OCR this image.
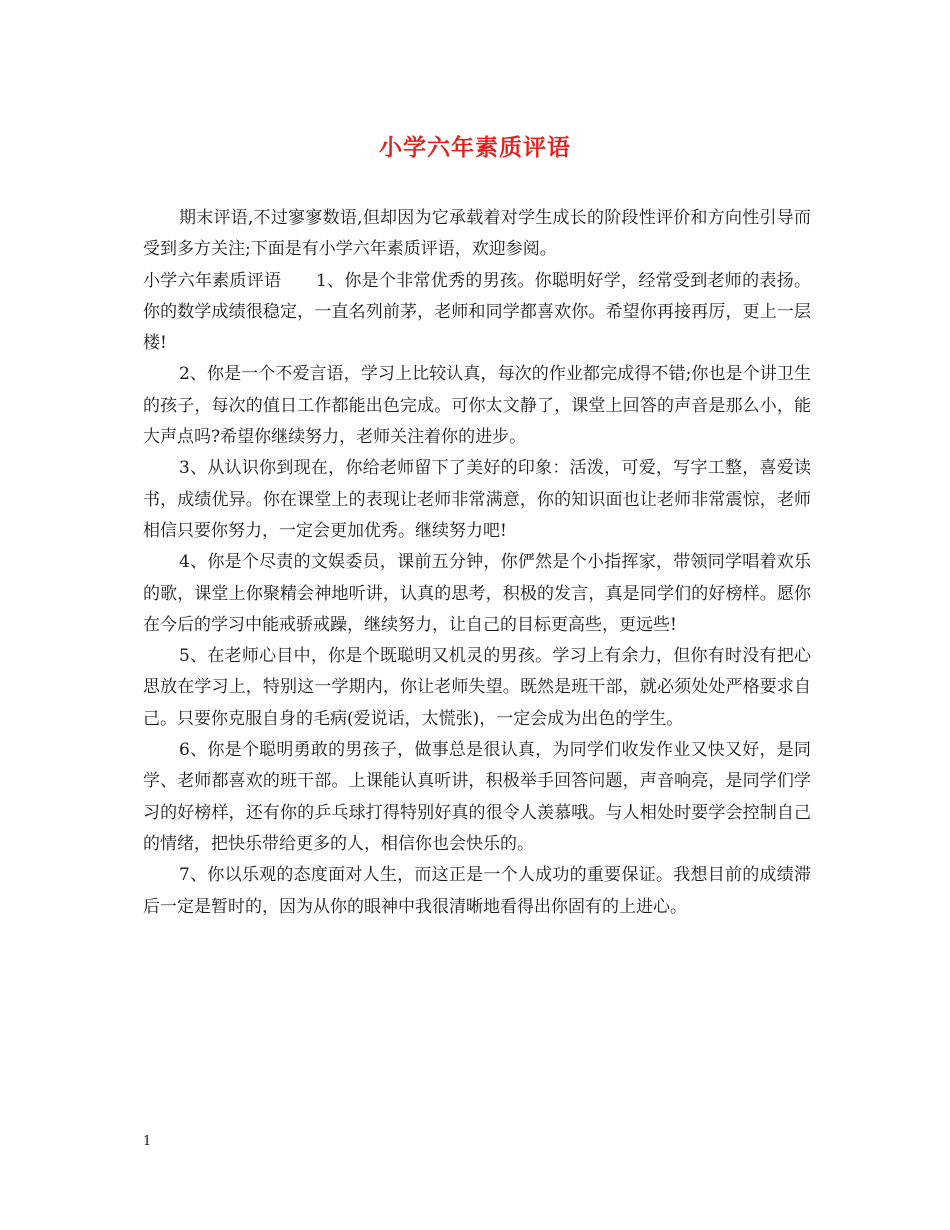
小学六年素质评语

期末评语,不过寥寥数语,但却因为它承载着对学生成长的阶段性评价和方向性引导而受到多方关注;下面是有小学六年素质评语，欢迎参阅。

小学六年素质评语　　1、你是个非常优秀的男孩。你聪明好学，经常受到老师的表扬。你的数学成绩很稳定，一直名列前茅，老师和同学都喜欢你。希望你再接再厉，更上一层楼!

2、你是一个不爱言语，学习上比较认真，每次的作业都完成得不错;你也是个讲卫生的孩子，每次的值日工作都能出色完成。可你太文静了，课堂上回答的声音是那么小，能大声点吗?希望你继续努力，老师关注着你的进步。

3、从认识你到现在，你给老师留下了美好的印象：活泼，可爱，写字工整，喜爱读书，成绩优异。你在课堂上的表现让老师非常满意，你的知识面也让老师非常震惊，老师相信只要你努力，一定会更加优秀。继续努力吧!

4、你是个尽责的文娱委员，课前五分钟，你俨然是个小指挥家，带领同学唱着欢乐的歌，课堂上你聚精会神地听讲，认真的思考，积极的发言，真是同学们的好榜样。愿你在今后的学习中能戒骄戒躁，继续努力，让自己的目标更高些，更远些!

5、在老师心目中，你是个既聪明又机灵的男孩。学习上有余力，但你有时没有把心思放在学习上，特别这一学期内，你让老师失望。既然是班干部，就必须处处严格要求自己。只要你克服自身的毛病(爱说话，太慌张)，一定会成为出色的学生。

6、你是个聪明勇敢的男孩子，做事总是很认真，为同学们收发作业又快又好，是同学、老师都喜欢的班干部。上课能认真听讲，积极举手回答问题，声音响亮，是同学们学习的好榜样，还有你的乒乓球打得特别好真的很令人羡慕哦。与人相处时要学会控制自己的情绪，把快乐带给更多的人，相信你也会快乐的。

7、你以乐观的态度面对人生，而这正是一个人成功的重要保证。我想目前的成绩滞后一定是暂时的，因为从你的眼神中我很清晰地看得出你固有的上进心。

1
